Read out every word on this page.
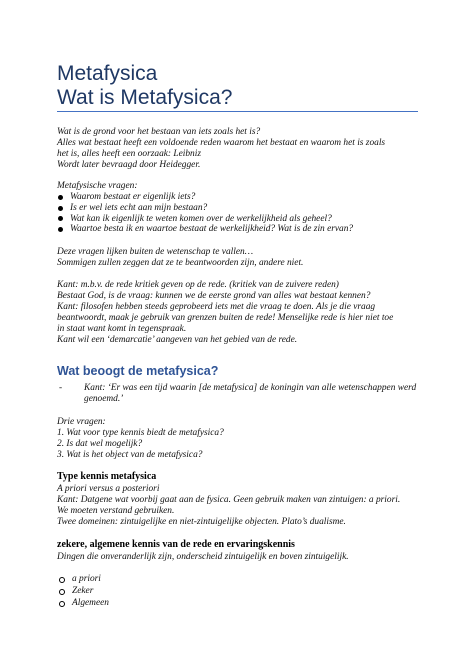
Metafysica
Wat is Metafysica?
Wat is de grond voor het bestaan van iets zoals het is?
Alles wat bestaat heeft een voldoende reden waarom het bestaat en waarom het is zoals
het is, alles heeft een oorzaak: Leibniz
Wordt later bevraagd door Heidegger.
Metafysische vragen:
Waarom bestaat er eigenlijk iets?
Is er wel iets echt aan mijn bestaan?
Wat kan ik eigenlijk te weten komen over de werkelijkheid als geheel?
Waartoe besta ik en waartoe bestaat de werkelijkheid? Wat is de zin ervan?
Deze vragen lijken buiten de wetenschap te vallen…
Sommigen zullen zeggen dat ze te beantwoorden zijn, andere niet.
Kant: m.b.v. de rede kritiek geven op de rede. (kritiek van de zuivere reden)
Bestaat God, is de vraag: kunnen we de eerste grond van alles wat bestaat kennen?
Kant: filosofen hebben steeds geprobeerd iets met die vraag te doen. Als je die vraag
beantwoordt, maak je gebruik van grenzen buiten de rede! Menselijke rede is hier niet toe
in staat want komt in tegenspraak.
Kant wil een ‘demarcatie’ aangeven van het gebied van de rede.
Wat beoogt de metafysica?
- Kant: ‘Er was een tijd waarin [de metafysica] de koningin van alle wetenschappen werd
genoemd.’
Drie vragen:
1. Wat voor type kennis biedt de metafysica?
2. Is dat wel mogelijk?
3. Wat is het object van de metafysica?
Type kennis metafysica
A priori versus a posteriori
Kant: Datgene wat voorbij gaat aan de fysica. Geen gebruik maken van zintuigen: a priori.
We moeten verstand gebruiken.
Twee domeinen: zintuigelijke en niet-zintuigelijke objecten. Plato’s dualisme.
zekere, algemene kennis van de rede en ervaringskennis
Dingen die onveranderlijk zijn, onderscheid zintuigelijk en boven zintuigelijk.
a priori
Zeker
Algemeen
